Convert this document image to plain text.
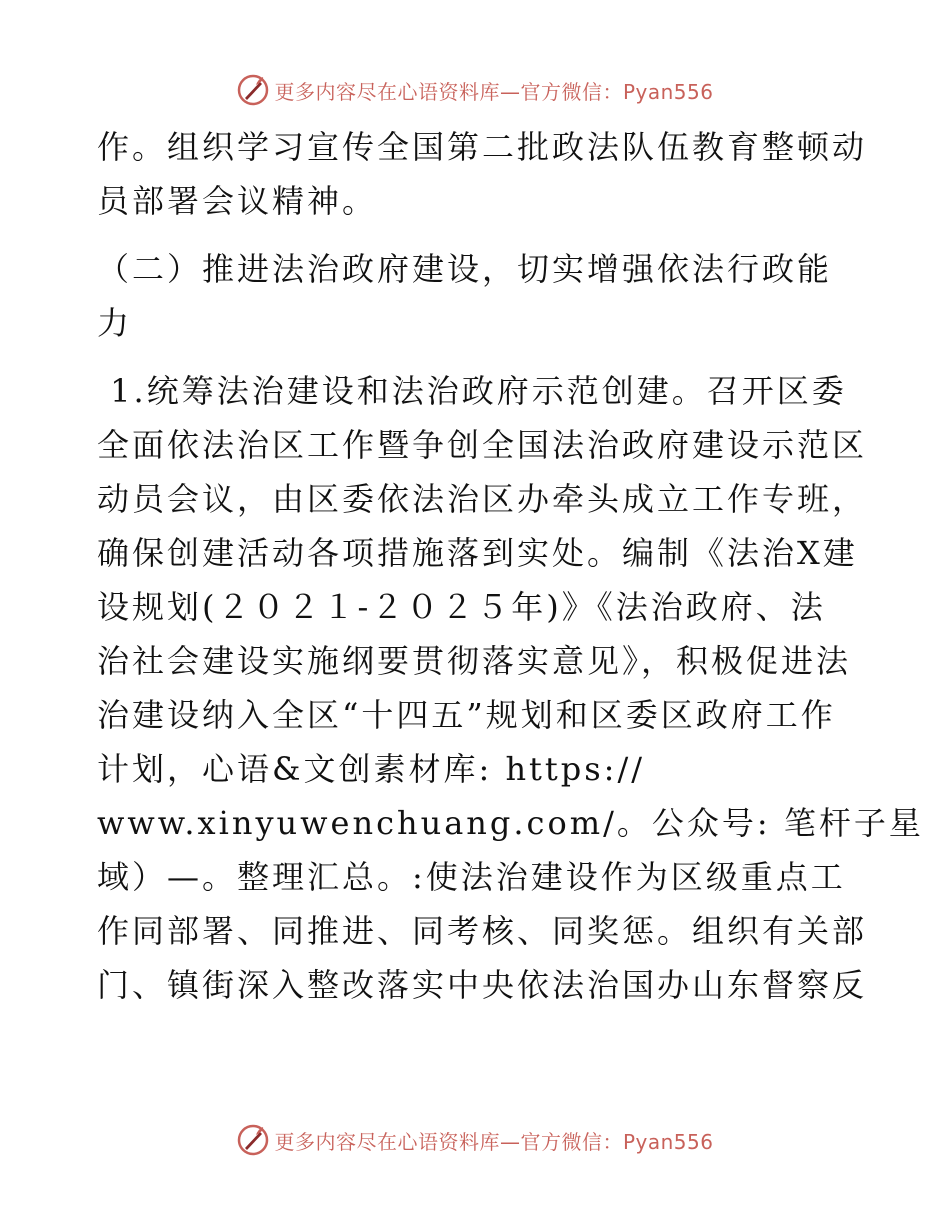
更多内容尽在心语资料库—官方微信：Pyan556
作。组织学习宣传全国第二批政法队伍教育整顿动
员部署会议精神。
（二）推进法治政府建设，切实增强依法行政能
力
1.统筹法治建设和法治政府示范创建。召开区委
全面依法治区工作暨争创全国法治政府建设示范区
动员会议，由区委依法治区办牵头成立工作专班，
确保创建活动各项措施落到实处。编制《法治X建
设规划(２０２１-２０２５年)》《法治政府、法
治社会建设实施纲要贯彻落实意见》，积极促进法
治建设纳入全区“十四五”规划和区委区政府工作
计划，心语&文创素材库: https://
www.xinyuwenchuang.com/。公众号: 笔杆子星
域）—。整理汇总。:使法治建设作为区级重点工
作同部署、同推进、同考核、同奖惩。组织有关部
门、镇街深入整改落实中央依法治国办山东督察反
更多内容尽在心语资料库—官方微信：Pyan556
